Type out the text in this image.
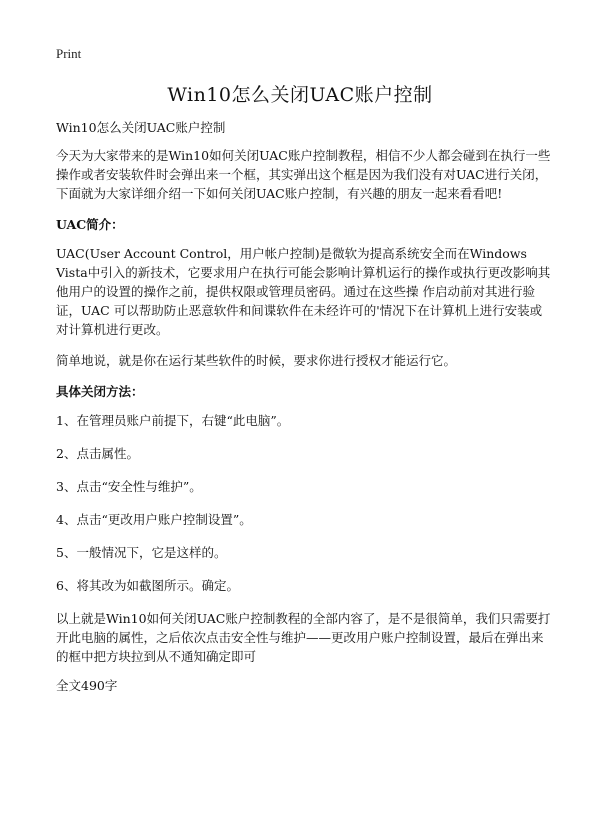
Print
Win10怎么关闭UAC账户控制

Win10怎么关闭UAC账户控制

今天为大家带来的是Win10如何关闭UAC账户控制教程，相信不少人都会碰到在执行一些操作或者安装软件时会弹出来一个框，其实弹出这个框是因为我们没有对UAC进行关闭，下面就为大家详细介绍一下如何关闭UAC账户控制，有兴趣的朋友一起来看看吧!

UAC简介：

UAC(User Account Control，用户帐户控制)是微软为提高系统安全而在Windows Vista中引入的新技术，它要求用户在执行可能会影响计算机运行的操作或执行更改影响其他用户的设置的操作之前，提供权限或管理员密码。通过在这些操 作启动前对其进行验证，UAC 可以帮助防止恶意软件和间谍软件在未经许可的'情况下在计算机上进行安装或对计算机进行更改。

简单地说，就是你在运行某些软件的时候，要求你进行授权才能运行它。

具体关闭方法：

1、在管理员账户前提下，右键“此电脑”。

2、点击属性。

3、点击“安全性与维护”。

4、点击“更改用户账户控制设置”。

5、一般情况下，它是这样的。

6、将其改为如截图所示。确定。

以上就是Win10如何关闭UAC账户控制教程的全部内容了，是不是很简单，我们只需要打开此电脑的属性，之后依次点击安全性与维护——更改用户账户控制设置，最后在弹出来的框中把方块拉到从不通知确定即可

全文490字
